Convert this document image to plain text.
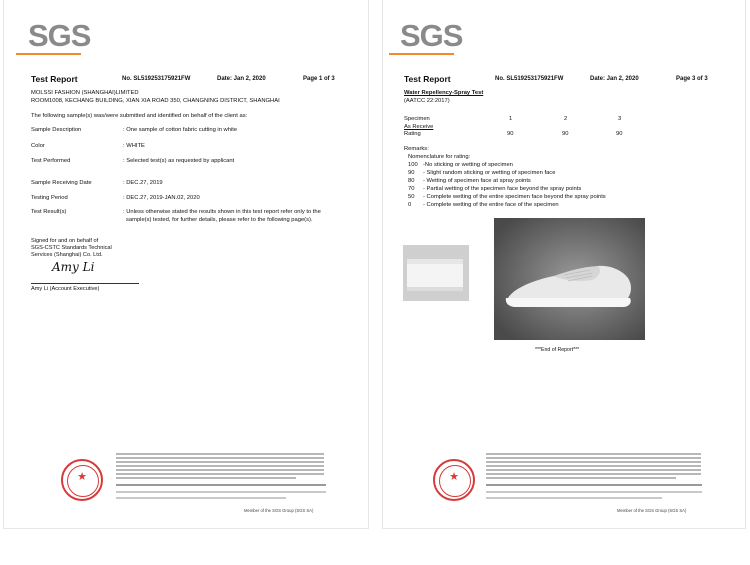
SGS
Test Report	No. SL519253175921FW	Date: Jan 2, 2020	Page 1 of 3
MOLSSI FASHION (SHANGHAI)LIMITED
ROOM1008, KECHANG BUILDING, XIAN XIA ROAD 350, CHANGNING DISTRICT, SHANGHAI
The following sample(s) was/were submitted and identified on behalf of the client as:
Sample Description	: One sample of cotton fabric cutting in white
Color	: WHITE
Test Performed	: Selected test(s) as requested by applicant
Sample Receiving Date	: DEC.27, 2019
Testing Period	: DEC.27, 2019-JAN.02, 2020
Test Result(s)	: Unless otherwise stated the results shown in this test report refer only to the
sample(s) tested, for further details, please refer to the following page(s).
Signed for and on behalf of
SGS-CSTC Standards Technical
Services (Shanghai) Co. Ltd.
Amy Li
Amy Li (Account Executive)
★
Member of the SGS Group (SGS SA)
SGS
Test Report	No. SL519253175921FW	Date: Jan 2, 2020	Page 3 of 3
Water Repellency-Spray Test
(AATCC 22:2017)
Specimen	1	2	3
As Receive
Rating	90	90	90
Remarks:
Nomenclature for rating:
100 -No sticking or wetting of specimen
90 - Slight random sticking or wetting of specimen face
80 - Wetting of specimen face at spray points
70 - Partial wetting of the specimen face beyond the spray points
50 - Complete wetting of the entire specimen face beyond the spray points
0 - Complete wetting of the entire face of the specimen
***End of Report***
★
Member of the SGS Group (SGS SA)
